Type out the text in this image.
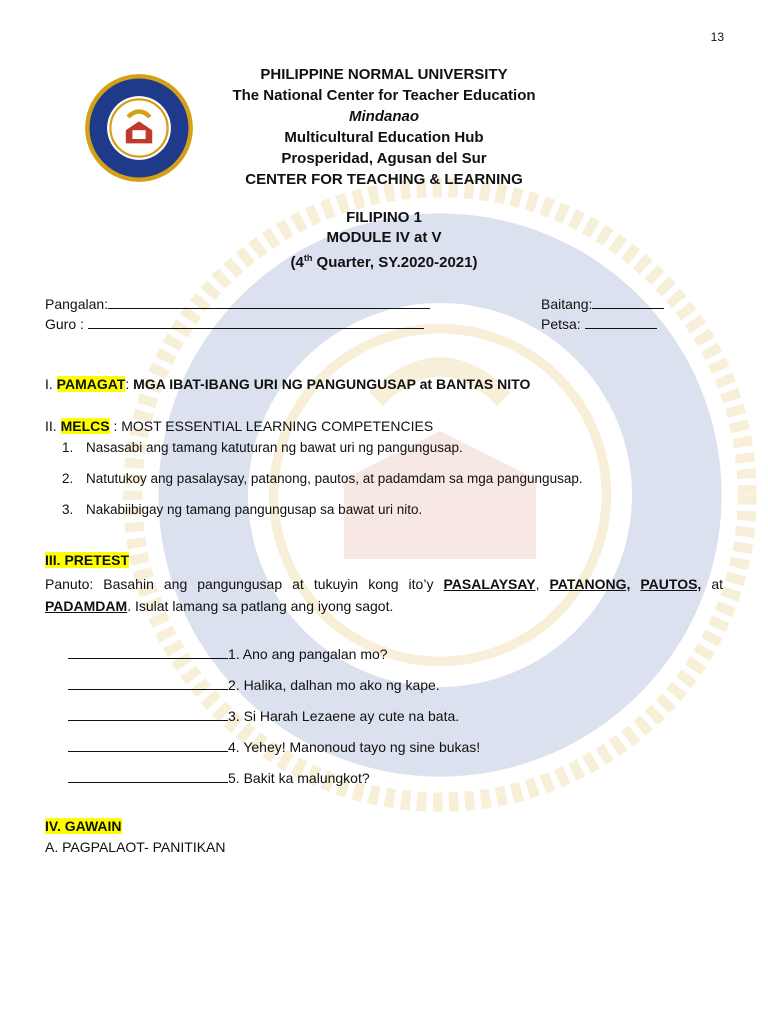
13
PHILIPPINE NORMAL UNIVERSITY
The National Center for Teacher Education
Mindanao
Multicultural Education Hub
Prosperidad, Agusan del Sur
CENTER FOR TEACHING & LEARNING
FILIPINO 1
MODULE IV at V
(4th Quarter, SY.2020-2021)
Pangalan:	Baitang:
Guro :	Petsa:
I. PAMAGAT: MGA IBAT-IBANG URI NG PANGUNGUSAP at BANTAS NITO
II. MELCS : MOST ESSENTIAL LEARNING COMPETENCIES
1. Nasasabi ang tamang katuturan ng bawat uri ng pangungusap.
2. Natutukoy ang pasalaysay, patanong, pautos, at padamdam sa mga pangungusap.
3. Nakabiibigay ng tamang pangungusap sa bawat uri nito.
III. PRETEST
Panuto: Basahin ang pangungusap at tukuyin kong ito’y PASALAYSAY, PATANONG, PAUTOS, at PADAMDAM. Isulat lamang sa patlang ang iyong sagot.
1. Ano ang pangalan mo?
2. Halika, dalhan mo ako ng kape.
3. Si Harah Lezaene ay cute na bata.
4. Yehey! Manonoud tayo ng sine bukas!
5. Bakit ka malungkot?
IV. GAWAIN
A. PAGPALAOT- PANITIKAN
